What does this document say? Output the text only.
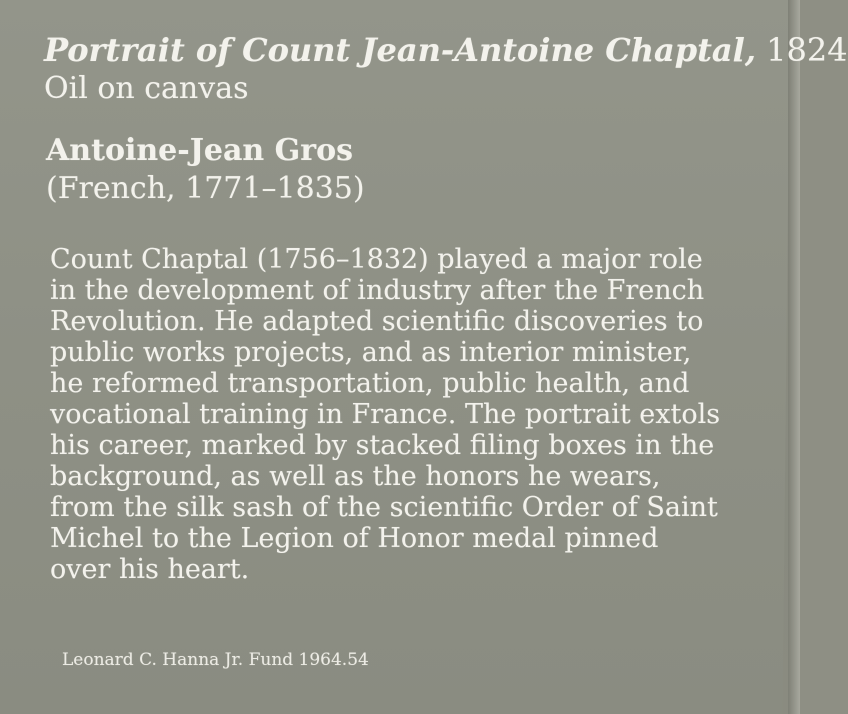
Portrait of Count Jean-Antoine Chaptal, 1824
Oil on canvas
Antoine-Jean Gros
(French, 1771–1835)
Count Chaptal (1756–1832) played a major role
in the development of industry after the French
Revolution. He adapted scientific discoveries to
public works projects, and as interior minister,
he reformed transportation, public health, and
vocational training in France. The portrait extols
his career, marked by stacked filing boxes in the
background, as well as the honors he wears,
from the silk sash of the scientific Order of Saint
Michel to the Legion of Honor medal pinned
over his heart.
Leonard C. Hanna Jr. Fund 1964.54
